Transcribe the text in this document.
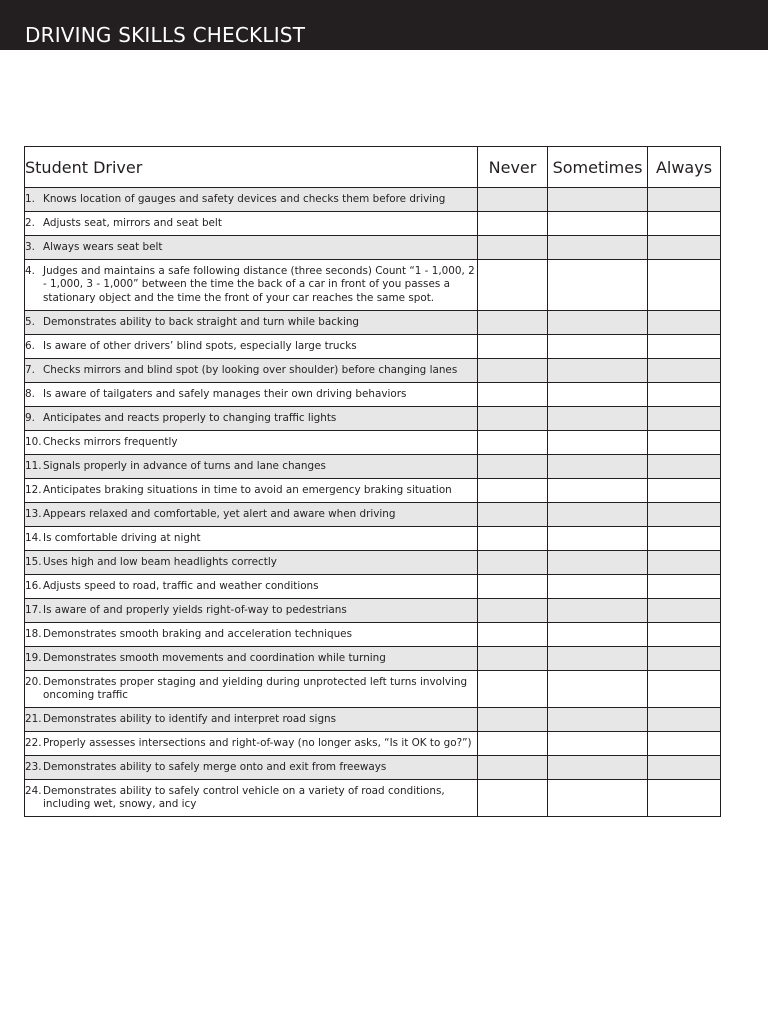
DRIVING SKILLS CHECKLIST
Student Driver	Never	Sometimes	Always

1. Knows location of gauges and safety devices and checks them before driving			

2. Adjusts seat, mirrors and seat belt			

3. Always wears seat belt			

4. Judges and maintains a safe following distance (three seconds) Count “1 - 1,000, 2 - 1,000, 3 - 1,000” between the time the back of a car in front of you passes a stationary object and the time the front of your car reaches the same spot.			

5. Demonstrates ability to back straight and turn while backing			

6. Is aware of other drivers’ blind spots, especially large trucks			

7. Checks mirrors and blind spot (by looking over shoulder) before changing lanes			

8. Is aware of tailgaters and safely manages their own driving behaviors			

9. Anticipates and reacts properly to changing traffic lights			

10. Checks mirrors frequently			

11. Signals properly in advance of turns and lane changes			

12. Anticipates braking situations in time to avoid an emergency braking situation			

13. Appears relaxed and comfortable, yet alert and aware when driving			

14. Is comfortable driving at night			

15. Uses high and low beam headlights correctly			

16. Adjusts speed to road, traffic and weather conditions			

17. Is aware of and properly yields right-of-way to pedestrians			

18. Demonstrates smooth braking and acceleration techniques			

19. Demonstrates smooth movements and coordination while turning			

20. Demonstrates proper staging and yielding during unprotected left turns involving oncoming traffic			

21. Demonstrates ability to identify and interpret road signs			

22. Properly assesses intersections and right-of-way (no longer asks, “Is it OK to go?”)			

23. Demonstrates ability to safely merge onto and exit from freeways			

24. Demonstrates ability to safely control vehicle on a variety of road conditions, including wet, snowy, and icy			
